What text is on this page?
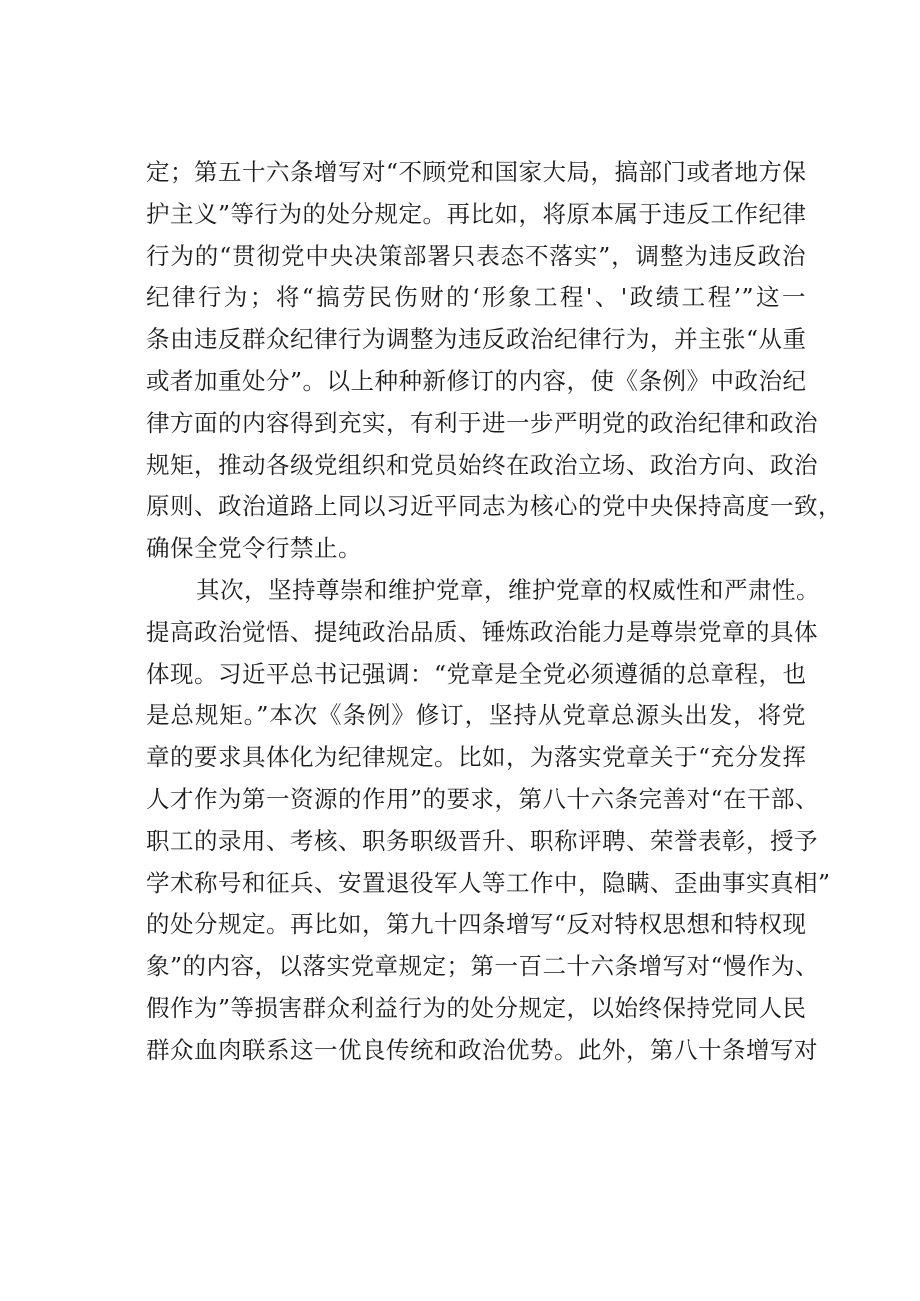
定；第五十六条增写对“不顾党和国家大局，搞部门或者地方保
护主义”等行为的处分规定。再比如，将原本属于违反工作纪律
行为的“贯彻党中央决策部署只表态不落实”，调整为违反政治
纪律行为；将“搞劳民伤财的‘形象工程'、'政绩工程’”这一
条由违反群众纪律行为调整为违反政治纪律行为，并主张“从重
或者加重处分”。以上种种新修订的内容，使《条例》中政治纪
律方面的内容得到充实，有利于进一步严明党的政治纪律和政治
规矩，推动各级党组织和党员始终在政治立场、政治方向、政治
原则、政治道路上同以习近平同志为核心的党中央保持高度一致，
确保全党令行禁止。
其次，坚持尊崇和维护党章，维护党章的权威性和严肃性。
提高政治觉悟、提纯政治品质、锤炼政治能力是尊崇党章的具体
体现。习近平总书记强调：“党章是全党必须遵循的总章程，也
是总规矩。”本次《条例》修订，坚持从党章总源头出发，将党
章的要求具体化为纪律规定。比如，为落实党章关于“充分发挥
人才作为第一资源的作用”的要求，第八十六条完善对“在干部、
职工的录用、考核、职务职级晋升、职称评聘、荣誉表彰，授予
学术称号和征兵、安置退役军人等工作中，隐瞒、歪曲事实真相”
的处分规定。再比如，第九十四条增写“反对特权思想和特权现
象”的内容，以落实党章规定；第一百二十六条增写对“慢作为、
假作为”等损害群众利益行为的处分规定，以始终保持党同人民
群众血肉联系这一优良传统和政治优势。此外，第八十条增写对
